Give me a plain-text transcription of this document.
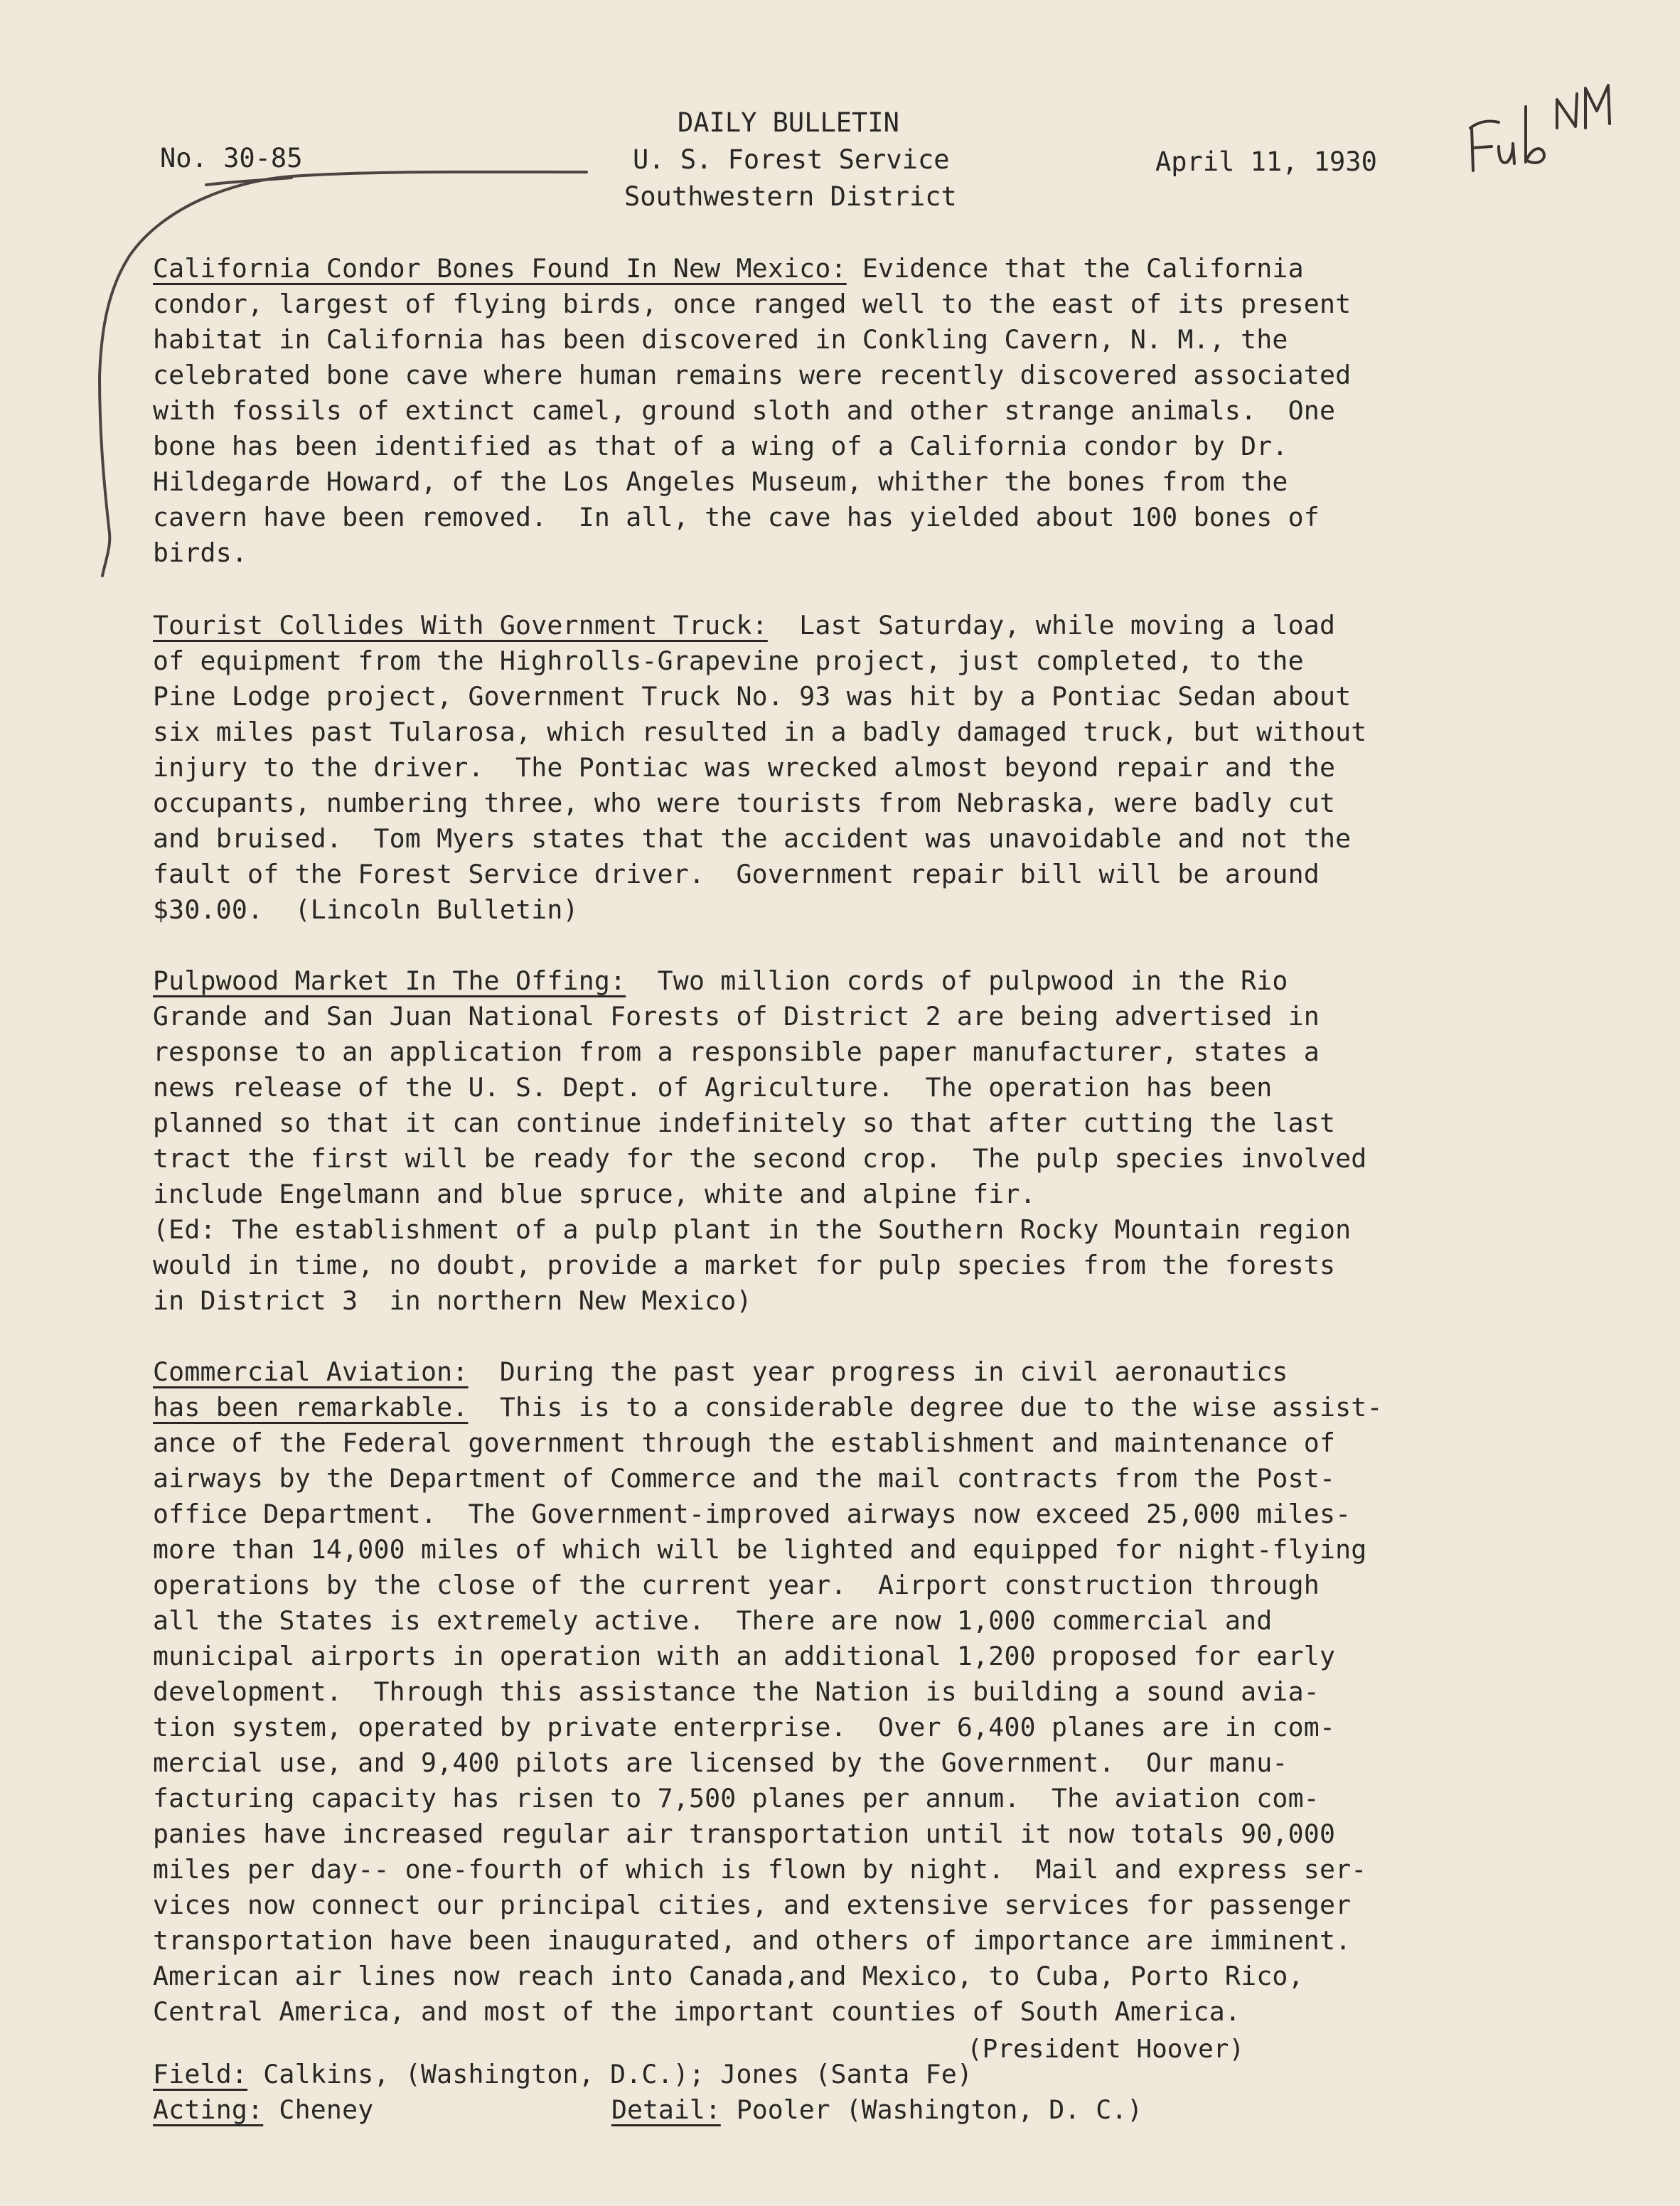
No. 30-85
DAILY BULLETIN
U. S. Forest Service
Southwestern District
April 11, 1930
California Condor Bones Found In New Mexico: Evidence that the California
condor, largest of flying birds, once ranged well to the east of its present
habitat in California has been discovered in Conkling Cavern, N. M., the
celebrated bone cave where human remains were recently discovered associated
with fossils of extinct camel, ground sloth and other strange animals.  One
bone has been identified as that of a wing of a California condor by Dr.
Hildegarde Howard, of the Los Angeles Museum, whither the bones from the
cavern have been removed.  In all, the cave has yielded about 100 bones of
birds.
Tourist Collides With Government Truck:  Last Saturday, while moving a load
of equipment from the Highrolls-Grapevine project, just completed, to the
Pine Lodge project, Government Truck No. 93 was hit by a Pontiac Sedan about
six miles past Tularosa, which resulted in a badly damaged truck, but without
injury to the driver.  The Pontiac was wrecked almost beyond repair and the
occupants, numbering three, who were tourists from Nebraska, were badly cut
and bruised.  Tom Myers states that the accident was unavoidable and not the
fault of the Forest Service driver.  Government repair bill will be around
$30.00.  (Lincoln Bulletin)
Pulpwood Market In The Offing:  Two million cords of pulpwood in the Rio
Grande and San Juan National Forests of District 2 are being advertised in
response to an application from a responsible paper manufacturer, states a
news release of the U. S. Dept. of Agriculture.  The operation has been
planned so that it can continue indefinitely so that after cutting the last
tract the first will be ready for the second crop.  The pulp species involved
include Engelmann and blue spruce, white and alpine fir.
(Ed: The establishment of a pulp plant in the Southern Rocky Mountain region
would in time, no doubt, provide a market for pulp species from the forests
in District 3  in northern New Mexico)
Commercial Aviation:  During the past year progress in civil aeronautics
has been remarkable.  This is to a considerable degree due to the wise assist-
ance of the Federal government through the establishment and maintenance of
airways by the Department of Commerce and the mail contracts from the Post-
office Department.  The Government-improved airways now exceed 25,000 miles-
more than 14,000 miles of which will be lighted and equipped for night-flying
operations by the close of the current year.  Airport construction through
all the States is extremely active.  There are now 1,000 commercial and
municipal airports in operation with an additional 1,200 proposed for early
development.  Through this assistance the Nation is building a sound avia-
tion system, operated by private enterprise.  Over 6,400 planes are in com-
mercial use, and 9,400 pilots are licensed by the Government.  Our manu-
facturing capacity has risen to 7,500 planes per annum.  The aviation com-
panies have increased regular air transportation until it now totals 90,000
miles per day-- one-fourth of which is flown by night.  Mail and express ser-
vices now connect our principal cities, and extensive services for passenger
transportation have been inaugurated, and others of importance are imminent.
American air lines now reach into Canada,and Mexico, to Cuba, Porto Rico,
Central America, and most of the important counties of South America.
(President Hoover)
Field: Calkins, (Washington, D.C.); Jones (Santa Fe)
Acting: Cheney	Detail: Pooler (Washington, D. C.)
